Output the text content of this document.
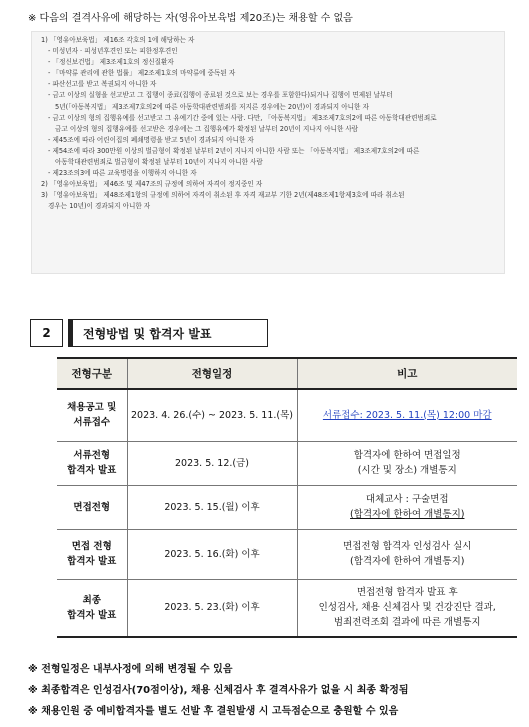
※ 다음의 결격사유에 해당하는 자(영유아보육법 제20조)는 채용할 수 없음
1) 「영유아보육법」 제16조 각호의 1에 해당하는 자
- 미성년자 · 피성년후견인 또는 피한정후견인
- 「정신보건법」 제3조제1호의 정신질환자
- 「마약류 관리에 관한 법률」 제2조제1호의 마약류에 중독된 자
- 파산선고를 받고 복권되지 아니한 자
- 금고 이상의 실형을 선고받고 그 집행이 종료(집행이 종료된 것으로 보는 경우를 포함한다)되거나 집행이 면제된 날부터
5년(「아동복지법」 제3조제7호의2에 따른 아동학대관련범죄를 저지른 경우에는 20년)이 경과되지 아니한 자
- 금고 이상의 형의 집행유예를 선고받고 그 유예기간 중에 있는 사람. 다만, 「아동복지법」 제3조제7호의2에 따른 아동학대관련범죄로
금고 이상의 형의 집행유예를 선고받은 경우에는 그 집행유예가 확정된 날부터 20년이 지나지 아니한 사람
- 제45조에 따라 어린이집의 폐쇄명령을 받고 5년이 경과되지 아니한 자
- 제54조에 따라 300만원 이상의 벌금형이 확정된 날부터 2년이 지나지 아니한 사람 또는 「아동복지법」 제3조제7호의2에 따른
아동학대관련범죄로 벌금형이 확정된 날부터 10년이 지나지 아니한 사람
- 제23조의3에 따른 교육명령을 이행하지 아니한 자
2) 「영유아보육법」 제46조 및 제47조의 규정에 의하여 자격이 정지중인 자
3) 「영유아보육법」 제48조제1항의 규정에 의하여 자격이 취소된 후 자격 재교부 기한 2년(제48조제1항제3호에 따라 취소된
경우는 10년)이 경과되지 아니한 자
2	전형방법 및 합격자 발표
전형구분	전형일정	비고
채용공고 및
서류접수	2023. 4. 26.(수) ~ 2023. 5. 11.(목)	서류접수: 2023. 5. 11.(목) 12:00 마감
서류전형
합격자 발표	2023. 5. 12.(금)	합격자에 한하여 면접일정
(시간 및 장소) 개별통지
면접전형	2023. 5. 15.(월) 이후	대체교사 : 구술면접
(합격자에 한하여 개별통지)
면접 전형
합격자 발표	2023. 5. 16.(화) 이후	면접전형 합격자 인성검사 실시
(합격자에 한하여 개별통지)
최종
합격자 발표	2023. 5. 23.(화) 이후	면접전형 합격자 발표 후
인성검사, 채용 신체검사 및 건강진단 결과,
범죄전력조회 결과에 따른 개별통지
※ 전형일정은 내부사정에 의해 변경될 수 있음
※ 최종합격은 인성검사(70점이상), 채용 신체검사 후 결격사유가 없을 시 최종 확정됨
※ 채용인원 중 예비합격자를 별도 선발 후 결원발생 시 고득점순으로 충원할 수 있음
